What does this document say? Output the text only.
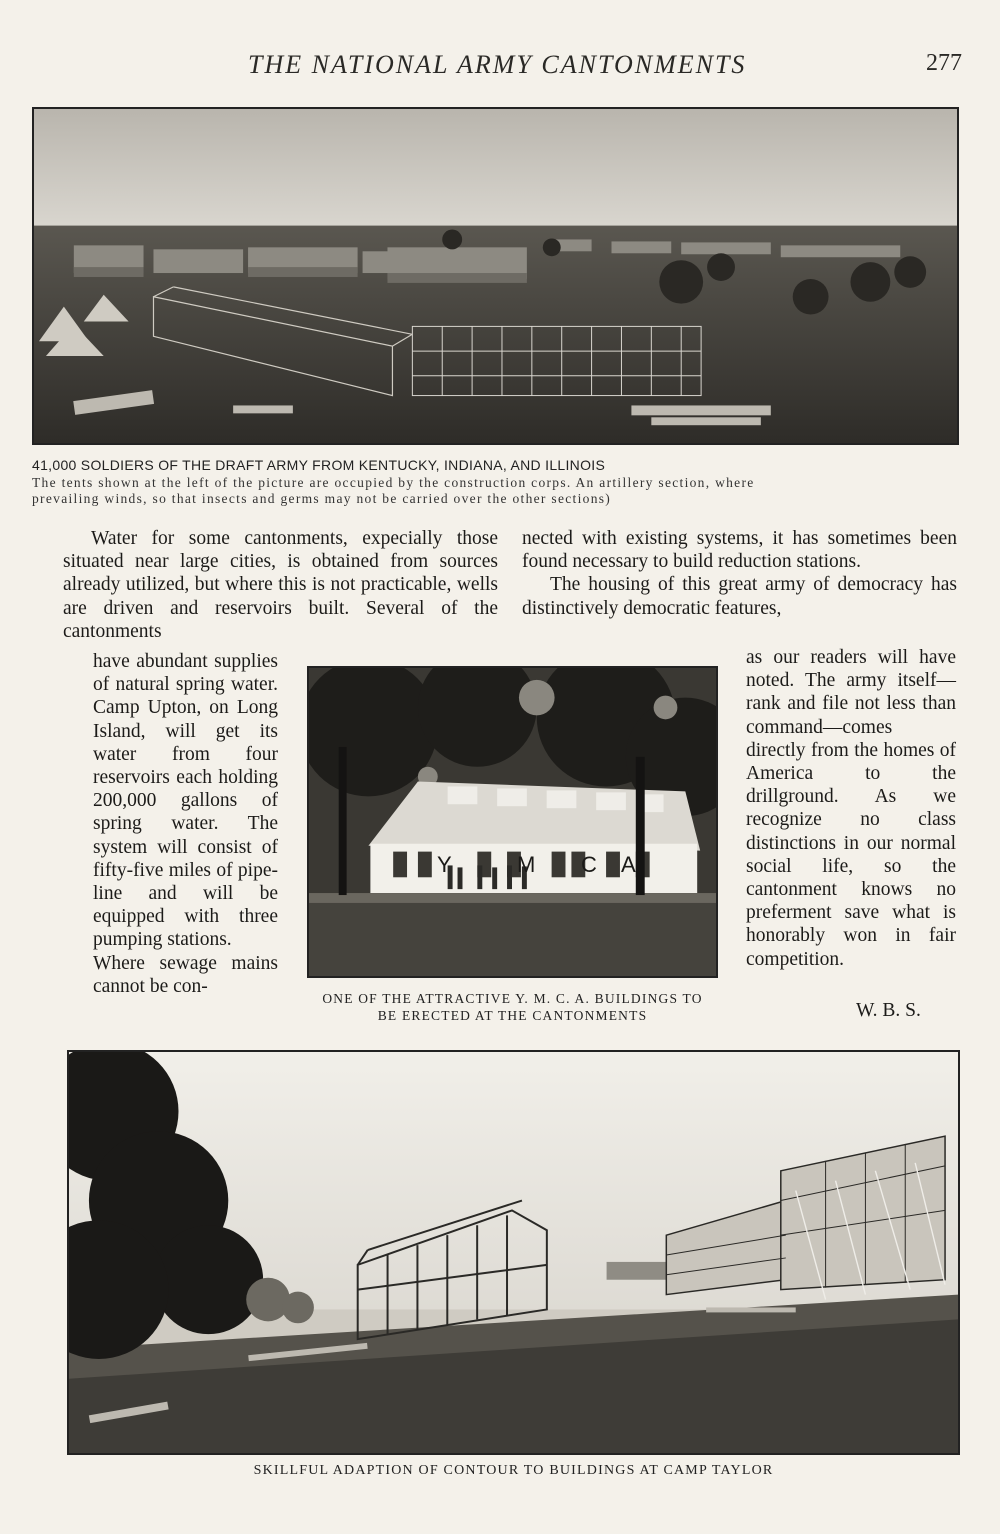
THE NATIONAL ARMY CANTONMENTS	277
41,000 SOLDIERS OF THE DRAFT ARMY FROM KENTUCKY, INDIANA, AND ILLINOIS
The tents shown at the left of the picture are occupied by the construction corps. An artillery section, where
prevailing winds, so that insects and germs may not be carried over the other sections)

Water for some cantonments, expecially those situated near large cities, is obtained from sources already utilized, but where this is not practicable, wells are driven and reservoirs built. Several of the cantonments

have abundant supplies of natural spring water. Camp Upton, on Long Island, will get its water from four reservoirs each holding 200,000 gallons of spring water. The system will consist of fifty-five miles of pipe-line and will be equipped with three pumping stations.

Where sewage mains cannot be con-

nected with existing systems, it has sometimes been found necessary to build reduction stations.

The housing of this great army of democracy has distinctively democratic features,

as our readers will have noted. The army itself—rank and file not less than command—comes directly from the homes of America to the drillground. As we recognize no class distinctions in our normal social life, so the cantonment knows no preferment save what is honorably won in fair competition.

W. B. S.
Y	M C A
ONE OF THE ATTRACTIVE Y. M. C. A. BUILDINGS TO
BE ERECTED AT THE CANTONMENTS
SKILLFUL ADAPTION OF CONTOUR TO BUILDINGS AT CAMP TAYLOR
